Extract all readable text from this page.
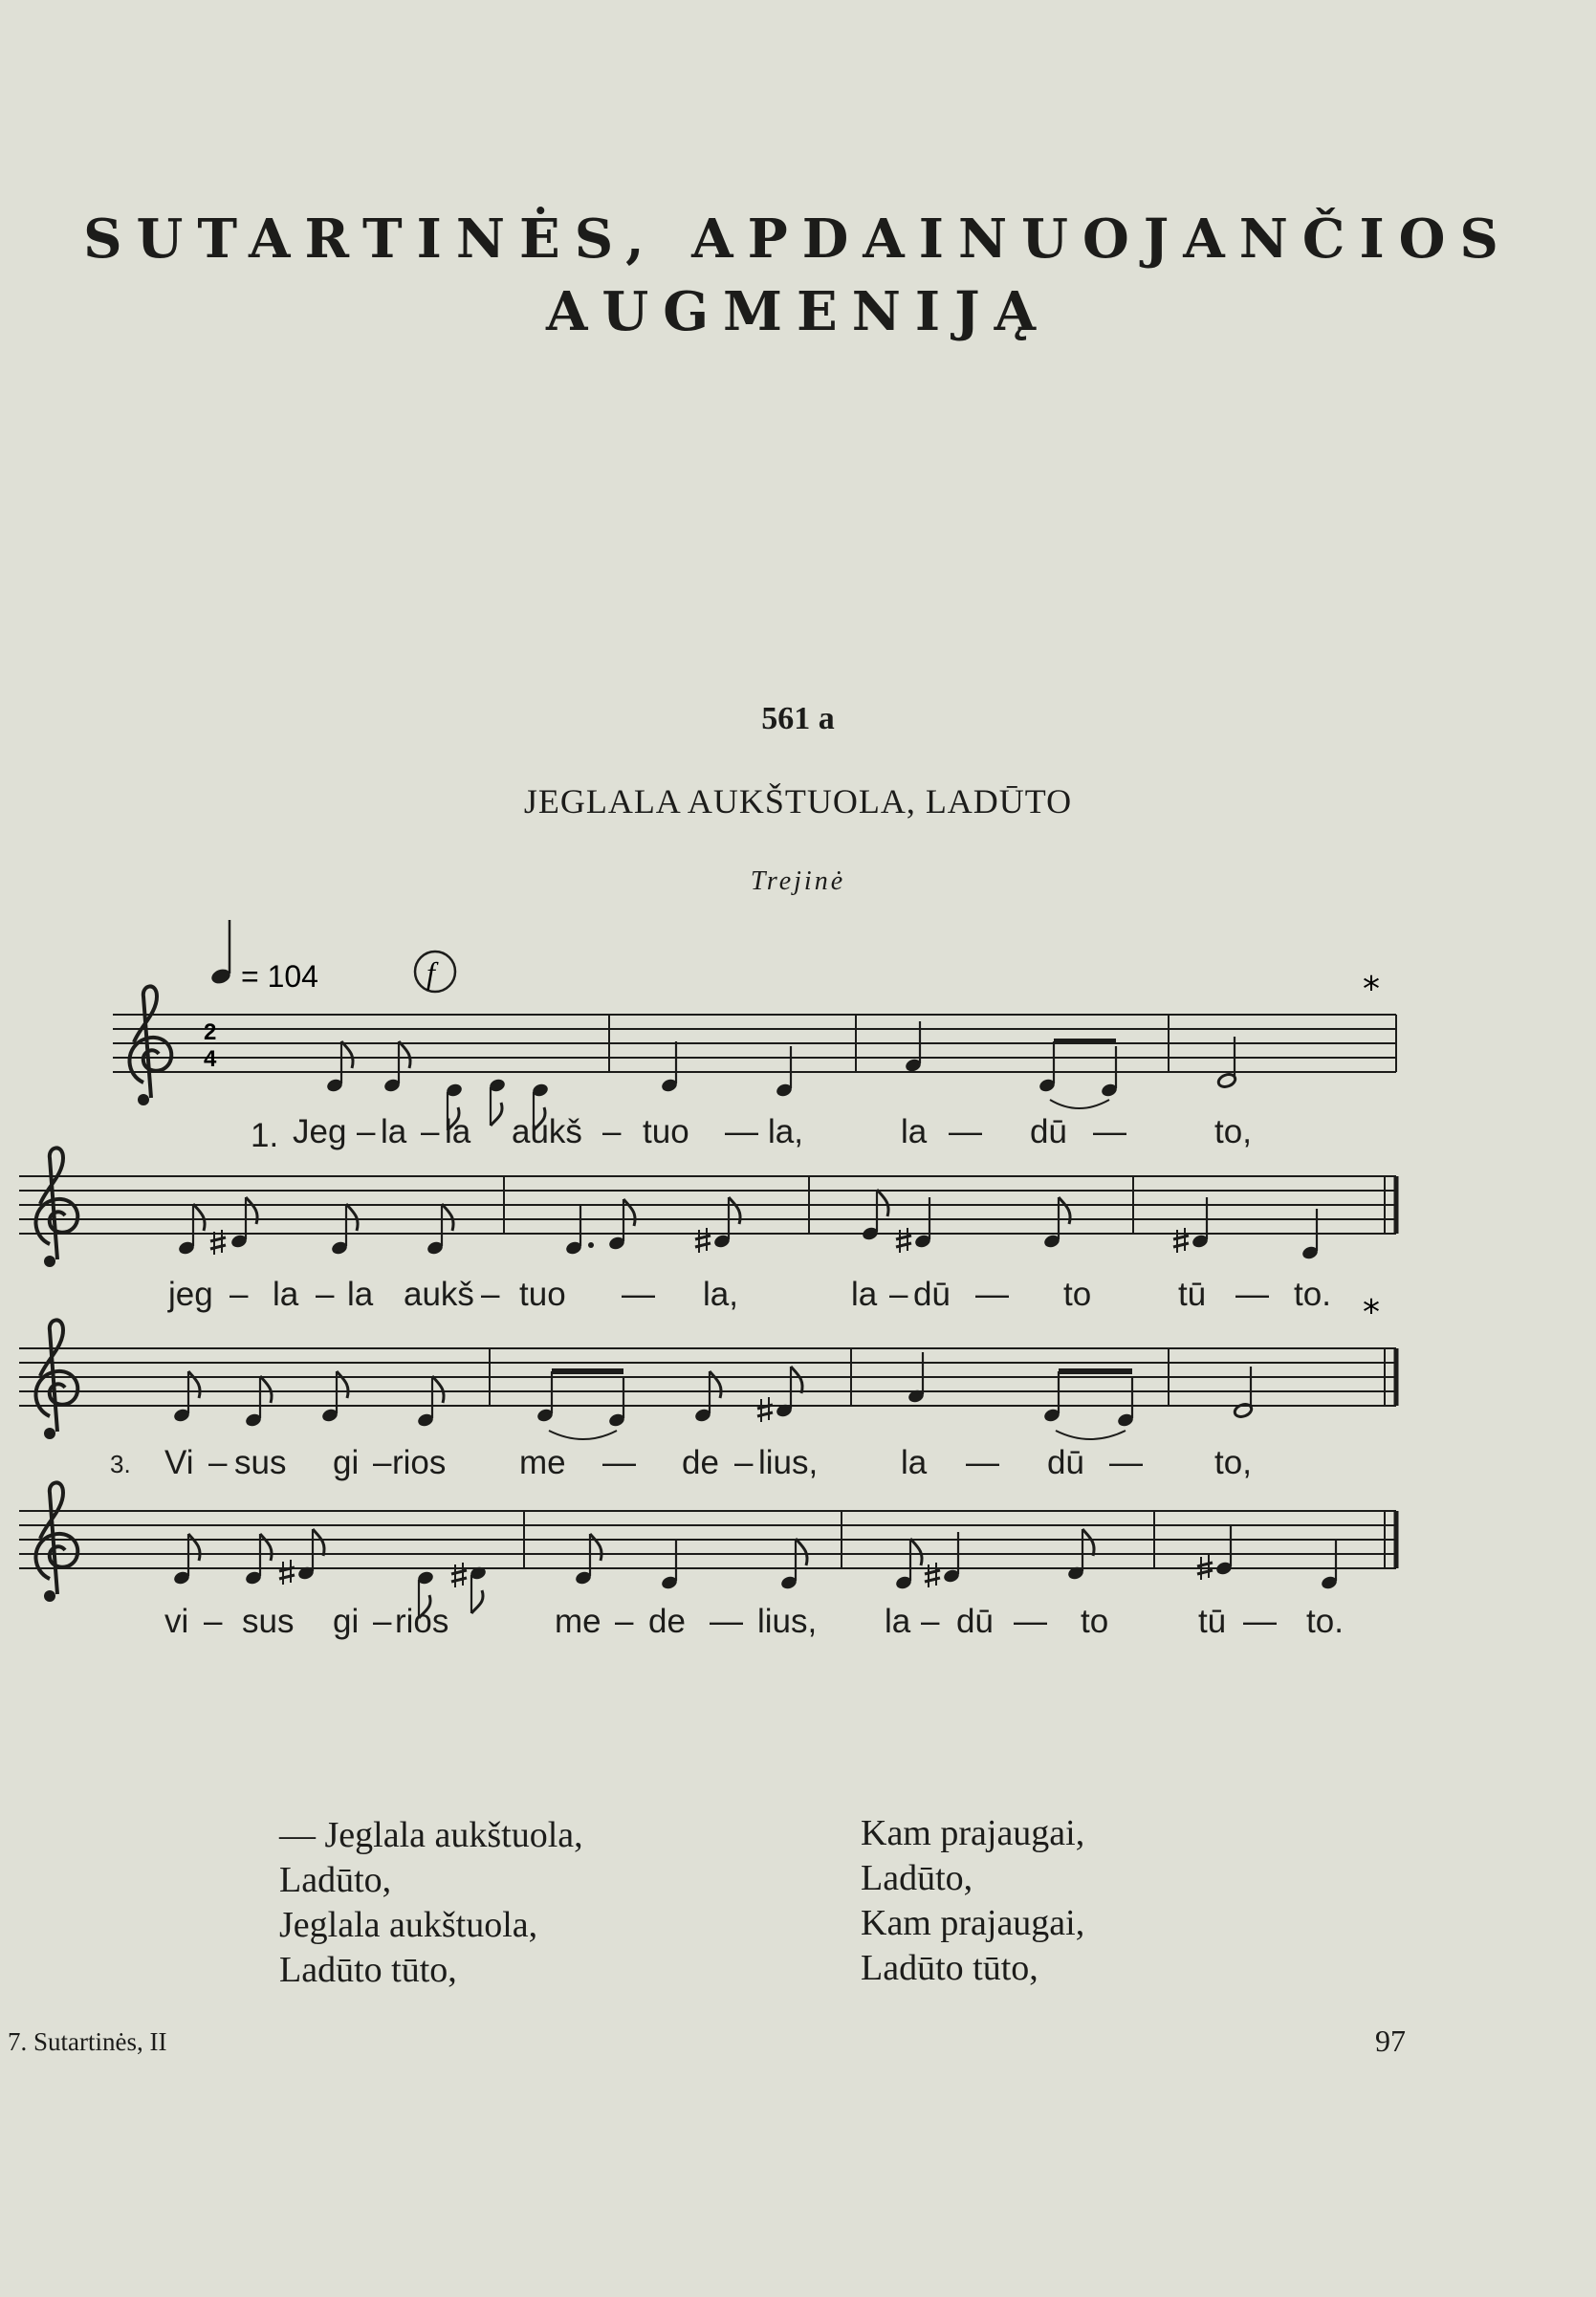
SUTARTINĖS, APDAINUOJANČIOS
AUGMENIJĄ
561 a
JEGLALA AUKŠTUOLA, LADŪTO
Trejinė
= 104	f
2
4
*
*
1. Jeg – la – la aukš – tuo — la,	la — dū —	to,
jeg – la – la aukš – tuo — la,	la – dū — to	tū — to.
3. Vi – sus gi – rios me — de – lius, la — dū — to,
vi – sus gi – rios	me – de — lius, la – dū — to	tū — to.
— Jeglala aukštuola,
Ladūto,
Jeglala aukštuola,
Ladūto tūto,
Kam prajaugai,
Ladūto,
Kam prajaugai,
Ladūto tūto,
7. Sutartinės, II	97
